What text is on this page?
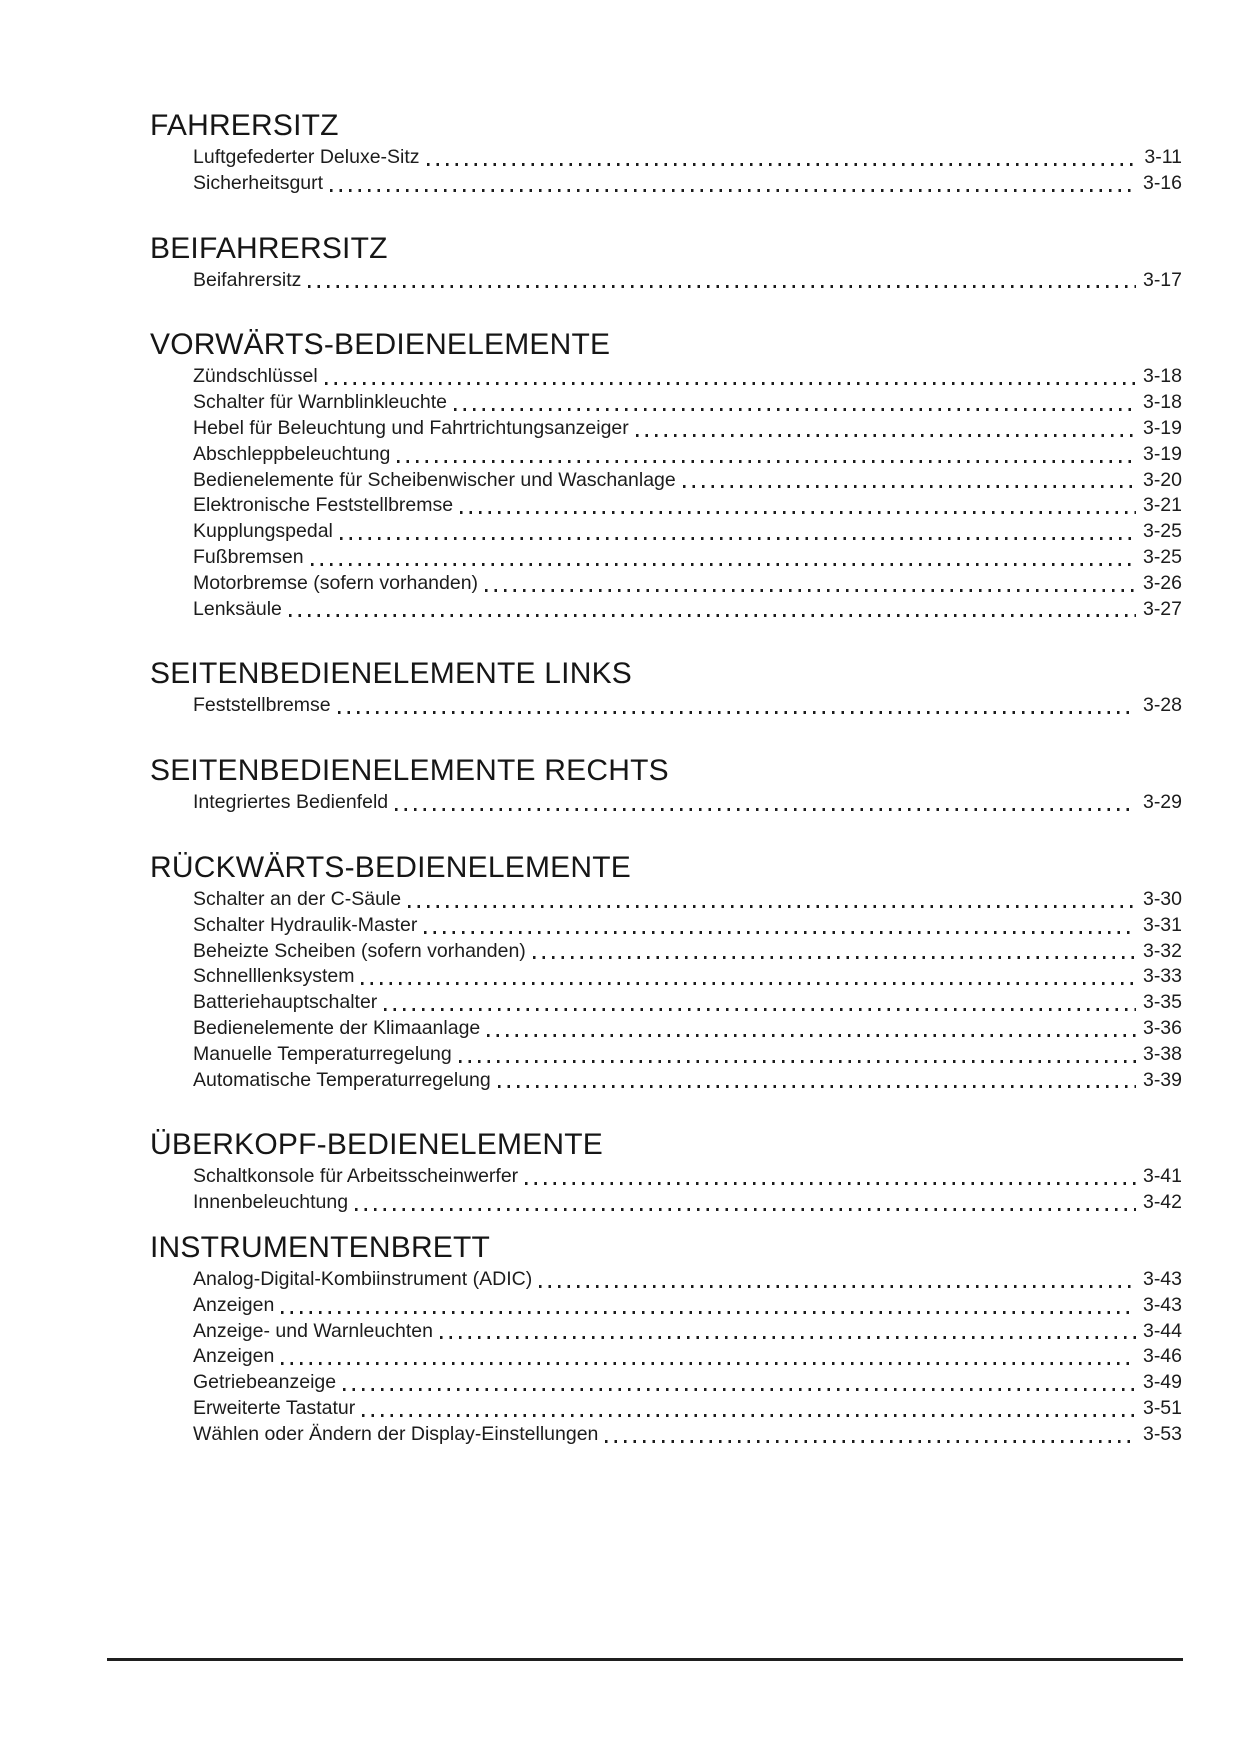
FAHRERSITZ
Luftgefederter Deluxe-Sitz	3-11
Sicherheitsgurt	3-16
BEIFAHRERSITZ
Beifahrersitz	3-17
VORWÄRTS-BEDIENELEMENTE
Zündschlüssel	3-18
Schalter für Warnblinkleuchte	3-18
Hebel für Beleuchtung und Fahrtrichtungsanzeiger	3-19
Abschleppbeleuchtung	3-19
Bedienelemente für Scheibenwischer und Waschanlage	3-20
Elektronische Feststellbremse	3-21
Kupplungspedal	3-25
Fußbremsen	3-25
Motorbremse (sofern vorhanden)	3-26
Lenksäule	3-27
SEITENBEDIENELEMENTE LINKS
Feststellbremse	3-28
SEITENBEDIENELEMENTE RECHTS
Integriertes Bedienfeld	3-29
RÜCKWÄRTS-BEDIENELEMENTE
Schalter an der C-Säule	3-30
Schalter Hydraulik-Master	3-31
Beheizte Scheiben (sofern vorhanden)	3-32
Schnelllenksystem	3-33
Batteriehauptschalter	3-35
Bedienelemente der Klimaanlage	3-36
Manuelle Temperaturregelung	3-38
Automatische Temperaturregelung	3-39
ÜBERKOPF-BEDIENELEMENTE
Schaltkonsole für Arbeitsscheinwerfer	3-41
Innenbeleuchtung	3-42
INSTRUMENTENBRETT
Analog-Digital-Kombiinstrument (ADIC)	3-43
Anzeigen	3-43
Anzeige- und Warnleuchten	3-44
Anzeigen	3-46
Getriebeanzeige	3-49
Erweiterte Tastatur	3-51
Wählen oder Ändern der Display-Einstellungen	3-53
